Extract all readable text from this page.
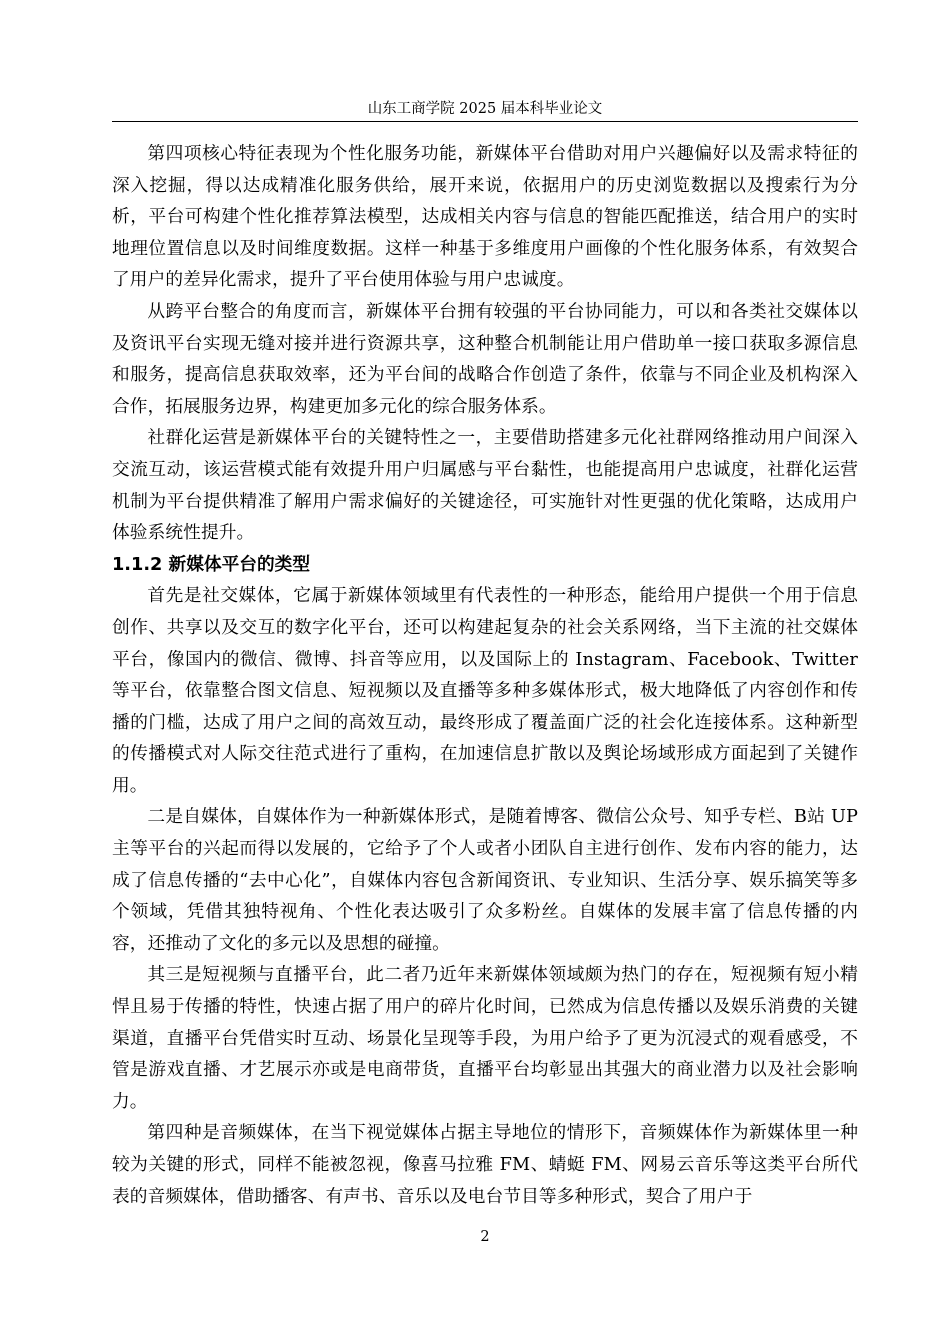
山东工商学院 2025 届本科毕业论文

第四项核心特征表现为个性化服务功能，新媒体平台借助对用户兴趣偏好以及需求特征的深入挖掘，得以达成精准化服务供给，展开来说，依据用户的历史浏览数据以及搜索行为分析，平台可构建个性化推荐算法模型，达成相关内容与信息的智能匹配推送，结合用户的实时地理位置信息以及时间维度数据。这样一种基于多维度用户画像的个性化服务体系，有效契合了用户的差异化需求，提升了平台使用体验与用户忠诚度。

从跨平台整合的角度而言，新媒体平台拥有较强的平台协同能力，可以和各类社交媒体以及资讯平台实现无缝对接并进行资源共享，这种整合机制能让用户借助单一接口获取多源信息和服务，提高信息获取效率，还为平台间的战略合作创造了条件，依靠与不同企业及机构深入合作，拓展服务边界，构建更加多元化的综合服务体系。

社群化运营是新媒体平台的关键特性之一，主要借助搭建多元化社群网络推动用户间深入交流互动，该运营模式能有效提升用户归属感与平台黏性，也能提高用户忠诚度，社群化运营机制为平台提供精准了解用户需求偏好的关键途径，可实施针对性更强的优化策略，达成用户体验系统性提升。

1.1.2 新媒体平台的类型

首先是社交媒体，它属于新媒体领域里有代表性的一种形态，能给用户提供一个用于信息创作、共享以及交互的数字化平台，还可以构建起复杂的社会关系网络，当下主流的社交媒体平台，像国内的微信、微博、抖音等应用，以及国际上的 Instagram、Facebook、Twitter 等平台，依靠整合图文信息、短视频以及直播等多种多媒体形式，极大地降低了内容创作和传播的门槛，达成了用户之间的高效互动，最终形成了覆盖面广泛的社会化连接体系。这种新型的传播模式对人际交往范式进行了重构，在加速信息扩散以及舆论场域形成方面起到了关键作用。

二是自媒体，自媒体作为一种新媒体形式，是随着博客、微信公众号、知乎专栏、B站 UP 主等平台的兴起而得以发展的，它给予了个人或者小团队自主进行创作、发布内容的能力，达成了信息传播的“去中心化”，自媒体内容包含新闻资讯、专业知识、生活分享、娱乐搞笑等多个领域，凭借其独特视角、个性化表达吸引了众多粉丝。自媒体的发展丰富了信息传播的内容，还推动了文化的多元以及思想的碰撞。

其三是短视频与直播平台，此二者乃近年来新媒体领域颇为热门的存在，短视频有短小精悍且易于传播的特性，快速占据了用户的碎片化时间，已然成为信息传播以及娱乐消费的关键渠道，直播平台凭借实时互动、场景化呈现等手段，为用户给予了更为沉浸式的观看感受，不管是游戏直播、才艺展示亦或是电商带货，直播平台均彰显出其强大的商业潜力以及社会影响力。

第四种是音频媒体，在当下视觉媒体占据主导地位的情形下，音频媒体作为新媒体里一种较为关键的形式，同样不能被忽视，像喜马拉雅 FM、蜻蜓 FM、网易云音乐等这类平台所代表的音频媒体，借助播客、有声书、音乐以及电台节目等多种形式，契合了用户于

2
